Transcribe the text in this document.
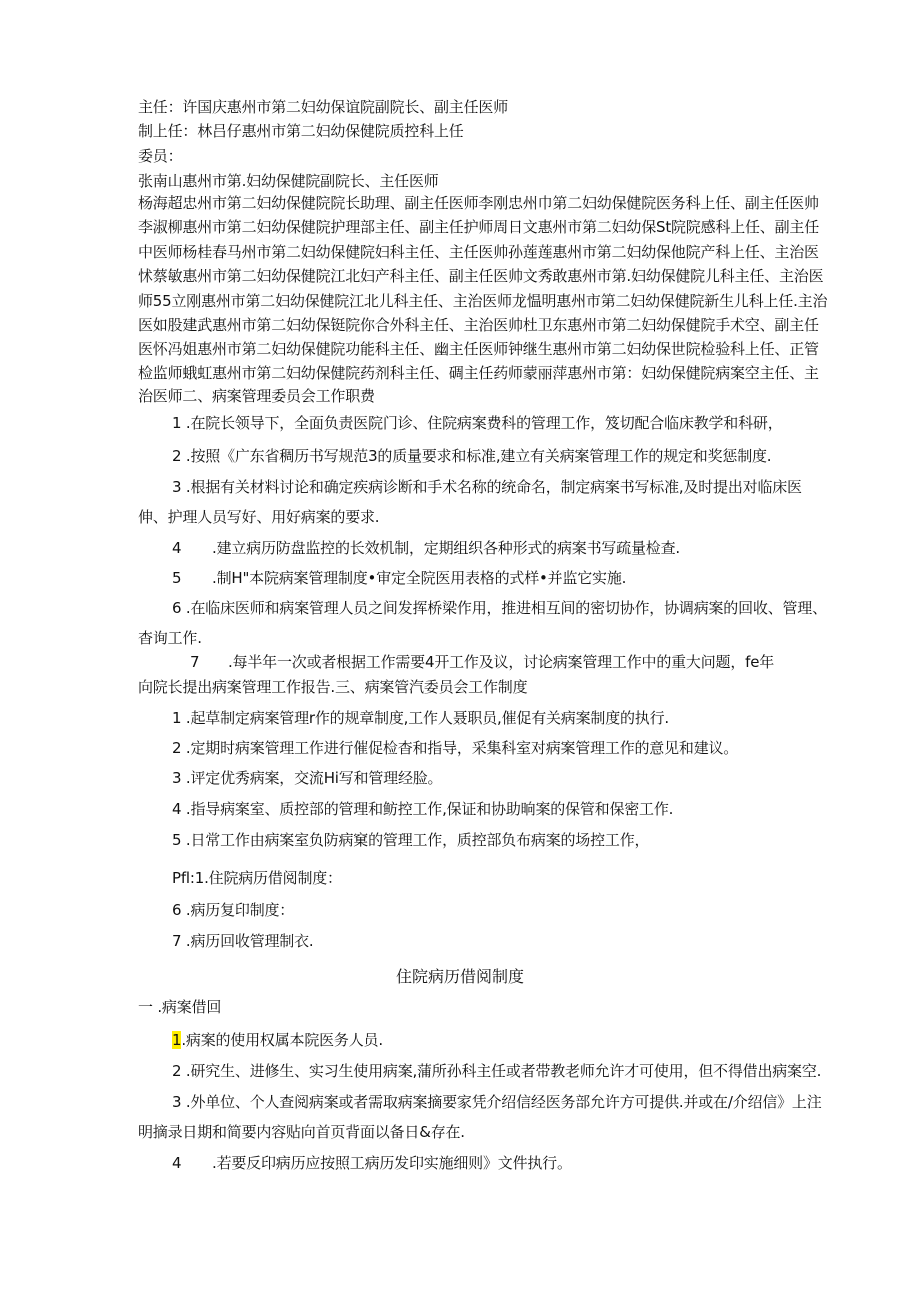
主任：许国庆惠州市第二妇幼保谊院副院长、副主任医师
制上任：林吕仔惠州市第二妇幼保健院质控科上任
委员：
张南山惠州市第.妇幼保健院副院长、主任医师
杨海超忠州市第二妇幼保健院院长助理、副主任医师李刚忠州巾第二妇幼保健院医务科上任、副主任医帅
李淑柳惠州市第二妇幼保健院护理部主任、副主任护师周日文惠州市第二妇幼保St院院感科上任、副主任
中医师杨桂春马州市第二妇幼保健院妇科主任、主任医帅孙莲莲惠州市第二妇幼保他院产科上任、主治医
怵蔡敏惠州市第二妇幼保健院江北妇产科主任、副主任医帅文秀敢惠州市第.妇幼保健院儿科主任、主治医
师55立刚惠州市第二妇幼保健院江北儿科主任、主治医师龙愠明惠州市第二妇幼保健院新生儿科上任.主治
医如股建武惠州市第二妇幼保铤院你合外科主任、主治医帅杜卫东惠州市第二妇幼保健院手术空、副主任
医怀冯姐惠州市第二妇幼保健院功能科主任、幽主任医师钟继生惠州市第二妇幼保世院检验科上任、正管
检监师蛾虹惠州市第二妇幼保健院药剂科主任、碉主任药师蒙丽萍惠州市第：妇幼保健院病案空主任、主
治医师二、病案管理委员会工作职费
1 .在院长领导下，全面负责医院门诊、住院病案费科的管理工作，笈切配合临床教学和科研，
2 .按照《广东省稠历书写规范3的质量要求和标准,建立有关病案管理工作的规定和奖惩制度.
3 .根据有关材料讨论和确定疾病诊断和手术名称的统命名，制定病案书写标准,及时提出对临床医
伸、护理人员写好、用好病案的要求.
4 .建立病历防盘监控的长效机制，定期组织各种形式的病案书写疏量检查.
5 .制H"本院病案管理制度•审定全院医用表格的式样•并监它实施.
6 .在临床医师和病案管理人员之间发挥桥梁作用，推进相互间的密切协作，协调病案的回收、管理、
杳询工作.
7 .每半年一次或者根据工作需要4开工作及议，讨论病案管理工作中的重大问题，fe年
向院长提出病案管理工作报告.三、病案管汽委员会工作制度
1 .起草制定病案管理r作的规章制度,工作人聂职员,催促有关病案制度的执行.
2 .定期时病案管理工作进行催促检杳和指导，采集科室对病案管理工作的意见和建议。
3 .评定优秀病案，交流Hi写和管理经脸。
4 .指导病案室、质控部的管理和鲂控工作,保证和协助晌案的保管和保密工作.
5 .日常工作由病案室负防病窠的管理工作，质控部负布病案的场控工作，
Pfl:1.住院病历借阅制度：
6 .病历复印制度：
7 .病历回收管理制衣.
住院病历借阅制度
一 .病案借回
1.病案的使用权属本院医务人员.
2 .研究生、进修生、实习生使用病案,蒲所孙科主任或者带教老师允许才可使用，但不得借出病案空.
3 .外单位、个人查阅病案或者需取病案摘要家凭介绍信经医务部允许方可提供.并或在/介绍信》上注
明摘录日期和简要内容贴向首页背面以备日&存在.
4 .若要反印病历应按照工病历发印实施细则》文件执行。
